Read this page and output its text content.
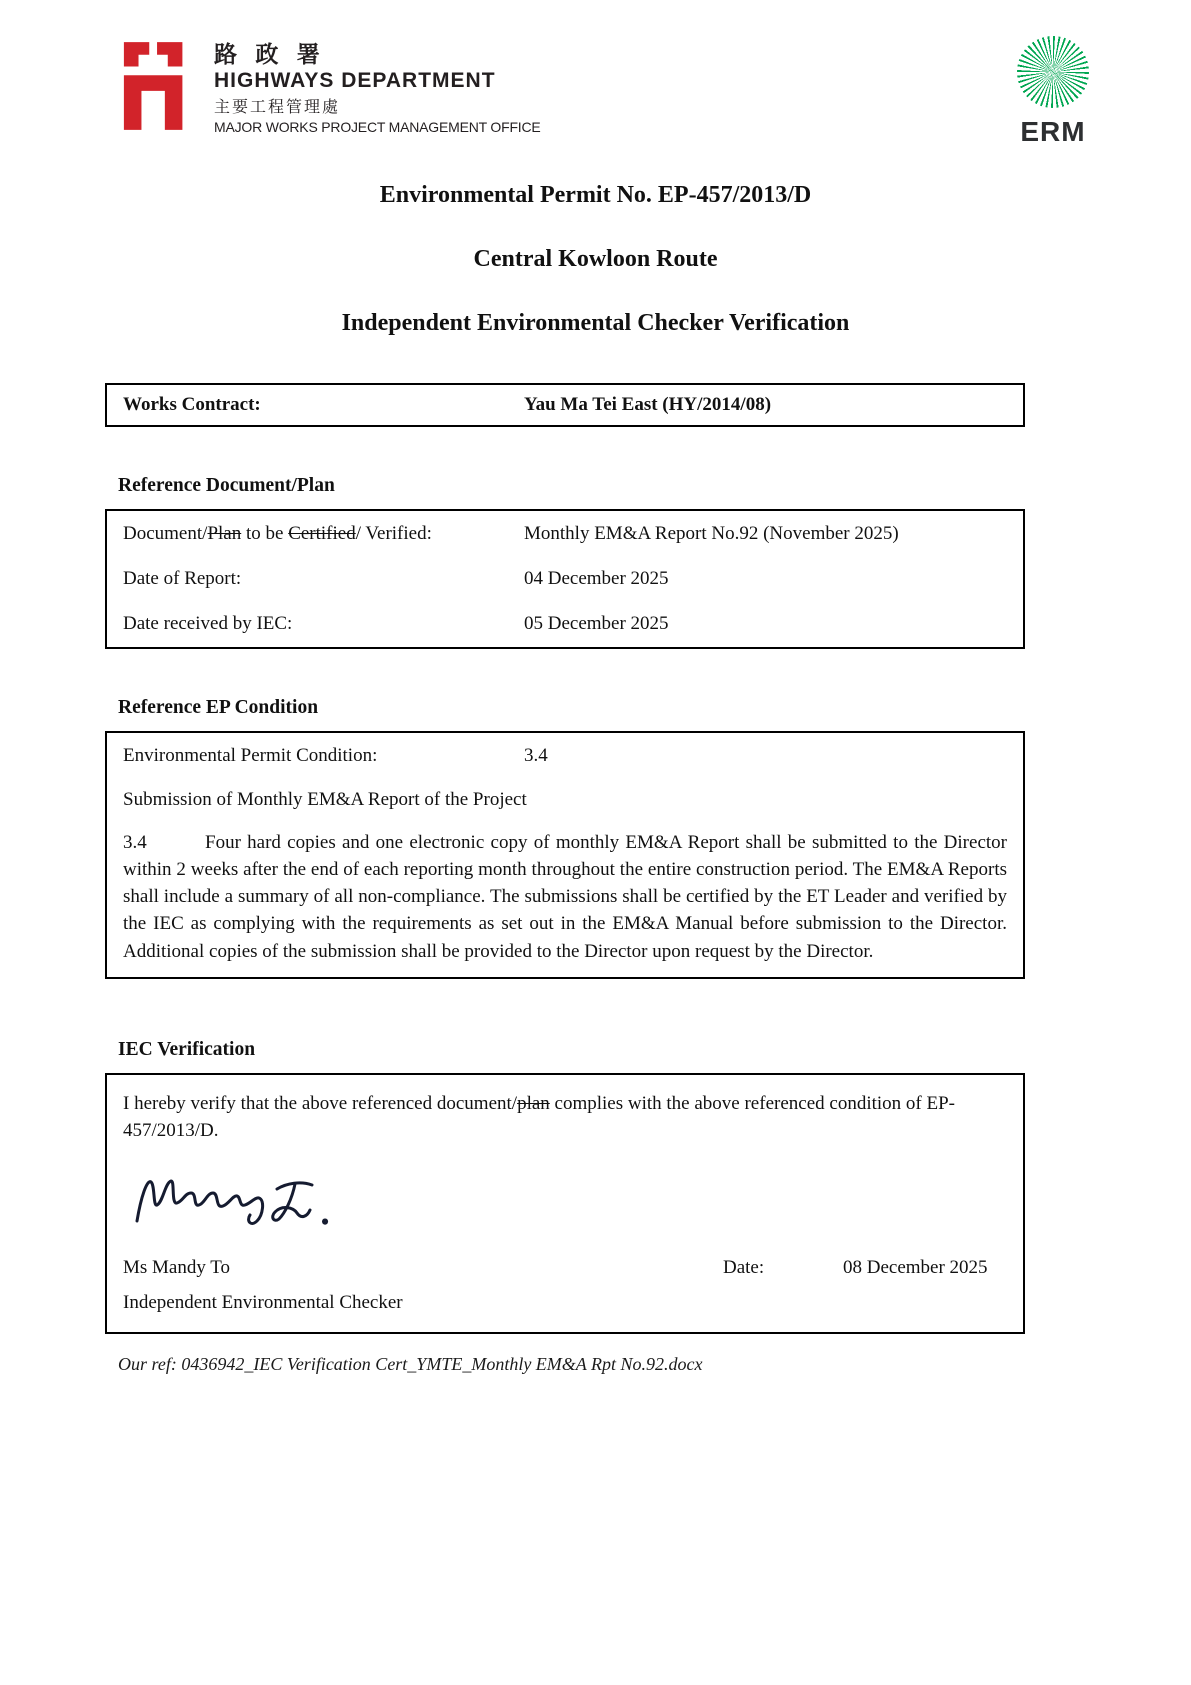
路 政 署
HIGHWAYS DEPARTMENT
主要工程管理處
MAJOR WORKS PROJECT MANAGEMENT OFFICE	ERM
Environmental Permit No. EP-457/2013/D
Central Kowloon Route
Independent Environmental Checker Verification
Works Contract:	Yau Ma Tei East (HY/2014/08)
Reference Document/Plan
Document/Plan to be Certified/ Verified:	Monthly EM&A Report No.92 (November 2025)
Date of Report:	04 December 2025
Date received by IEC:	05 December 2025
Reference EP Condition
Environmental Permit Condition:	3.4
Submission of Monthly EM&A Report of the Project
3.4	Four hard copies and one electronic copy of monthly EM&A Report shall be submitted to the Director within 2 weeks after the end of each reporting month throughout the entire construction period. The EM&A Reports shall include a summary of all non-compliance. The submissions shall be certified by the ET Leader and verified by the IEC as complying with the requirements as set out in the EM&A Manual before submission to the Director. Additional copies of the submission shall be provided to the Director upon request by the Director.
IEC Verification
I hereby verify that the above referenced document/plan complies with the above referenced condition of EP-457/2013/D.
Ms Mandy To	Date:	08 December 2025
Independent Environmental Checker
Our ref: 0436942_IEC Verification Cert_YMTE_Monthly EM&A Rpt No.92.docx
